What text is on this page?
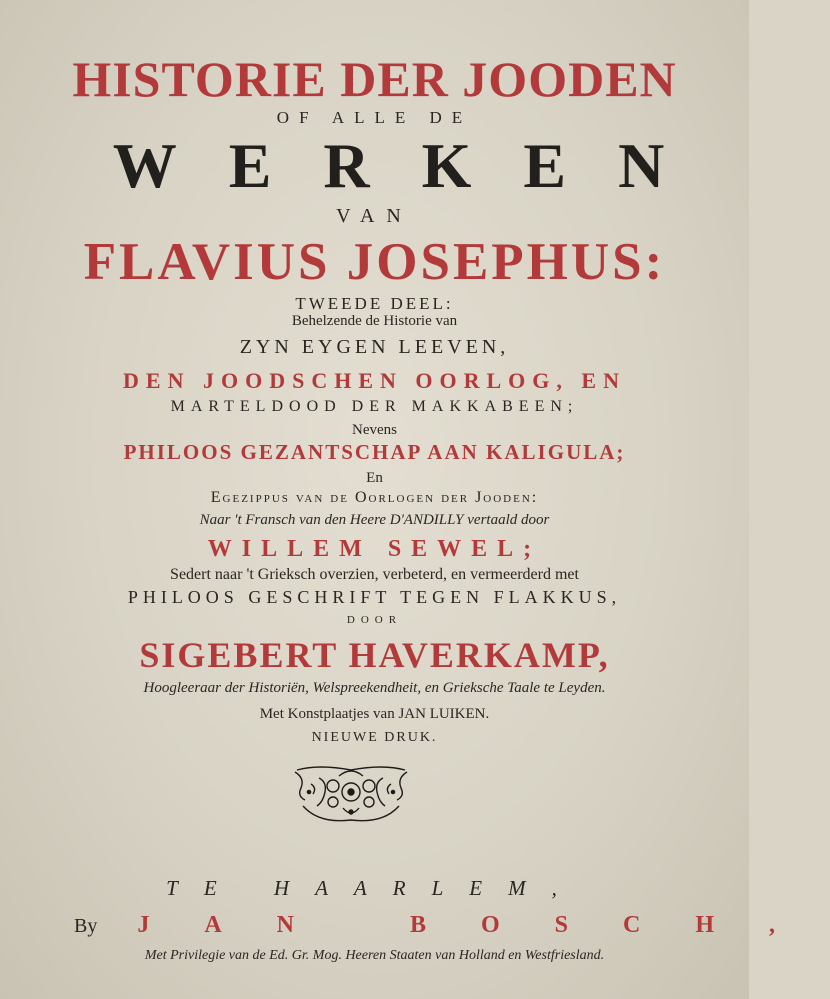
HISTORIE DER JOODEN
OF ALLE DE
WERKEN
VAN
FLAVIUS JOSEPHUS:
TWEEDE DEEL:
Behelzende de Historie van
ZYN EYGEN LEEVEN,
DEN JOODSCHEN OORLOG, EN
MARTELDOOD DER MAKKABEEN;
Nevens
PHILOOS GEZANTSCHAP AAN KALIGULA;
En
Egezippus van de Oorlogen der Jooden:
Naar 't Fransch van den Heere D'ANDILLY vertaald door
WILLEM SEWEL;
Sedert naar 't Grieksch overzien, verbeterd, en vermeerderd met
PHILOOS GESCHRIFT TEGEN FLAKKUS,
DOOR
SIGEBERT HAVERKAMP,
Hoogleeraar der Historiën, Welspreekendheit, en Grieksche Taale te Leyden.
Met Konstplaatjes van JAN LUIKEN.
NIEUWE DRUK.
TE HAARLEM,
By JAN BOSCH,
Met Privilegie van de Ed. Gr. Mog. Heeren Staaten van Holland en Westfriesland.
